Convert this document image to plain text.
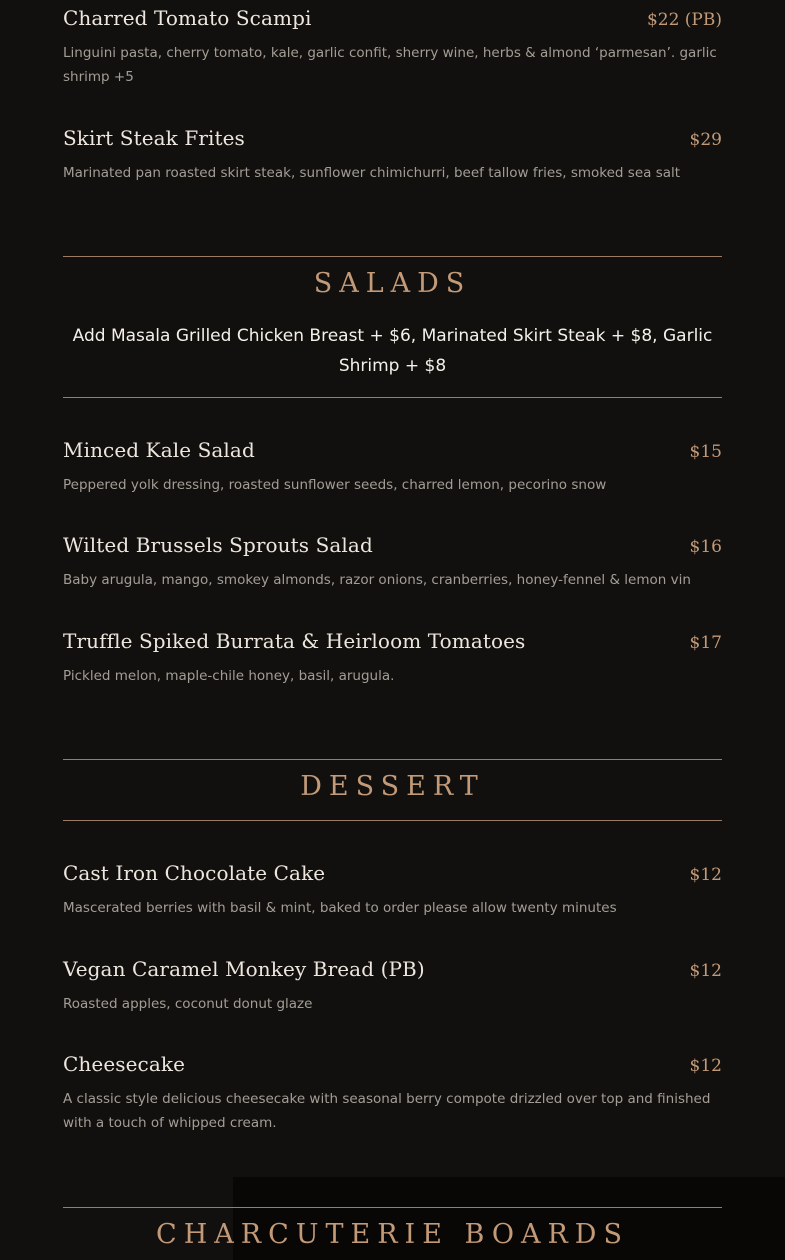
Charred Tomato Scampi	$22 (PB)
Linguini pasta, cherry tomato, kale, garlic confit, sherry wine, herbs & almond ‘parmesan’. garlic shrimp +5
Skirt Steak Frites	$29
Marinated pan roasted skirt steak, sunflower chimichurri, beef tallow fries, smoked sea salt
SALADS
Add Masala Grilled Chicken Breast + $6, Marinated Skirt Steak + $8, Garlic Shrimp + $8
Minced Kale Salad	$15
Peppered yolk dressing, roasted sunflower seeds, charred lemon, pecorino snow
Wilted Brussels Sprouts Salad	$16
Baby arugula, mango, smokey almonds, razor onions, cranberries, honey-fennel & lemon vin
Truffle Spiked Burrata & Heirloom Tomatoes	$17
Pickled melon, maple-chile honey, basil, arugula.
DESSERT
Cast Iron Chocolate Cake	$12
Mascerated berries with basil & mint, baked to order please allow twenty minutes
Vegan Caramel Monkey Bread (PB)	$12
Roasted apples, coconut donut glaze
Cheesecake	$12
A classic style delicious cheesecake with seasonal berry compote drizzled over top and finished with a touch of whipped cream.
CHARCUTERIE BOARDS
